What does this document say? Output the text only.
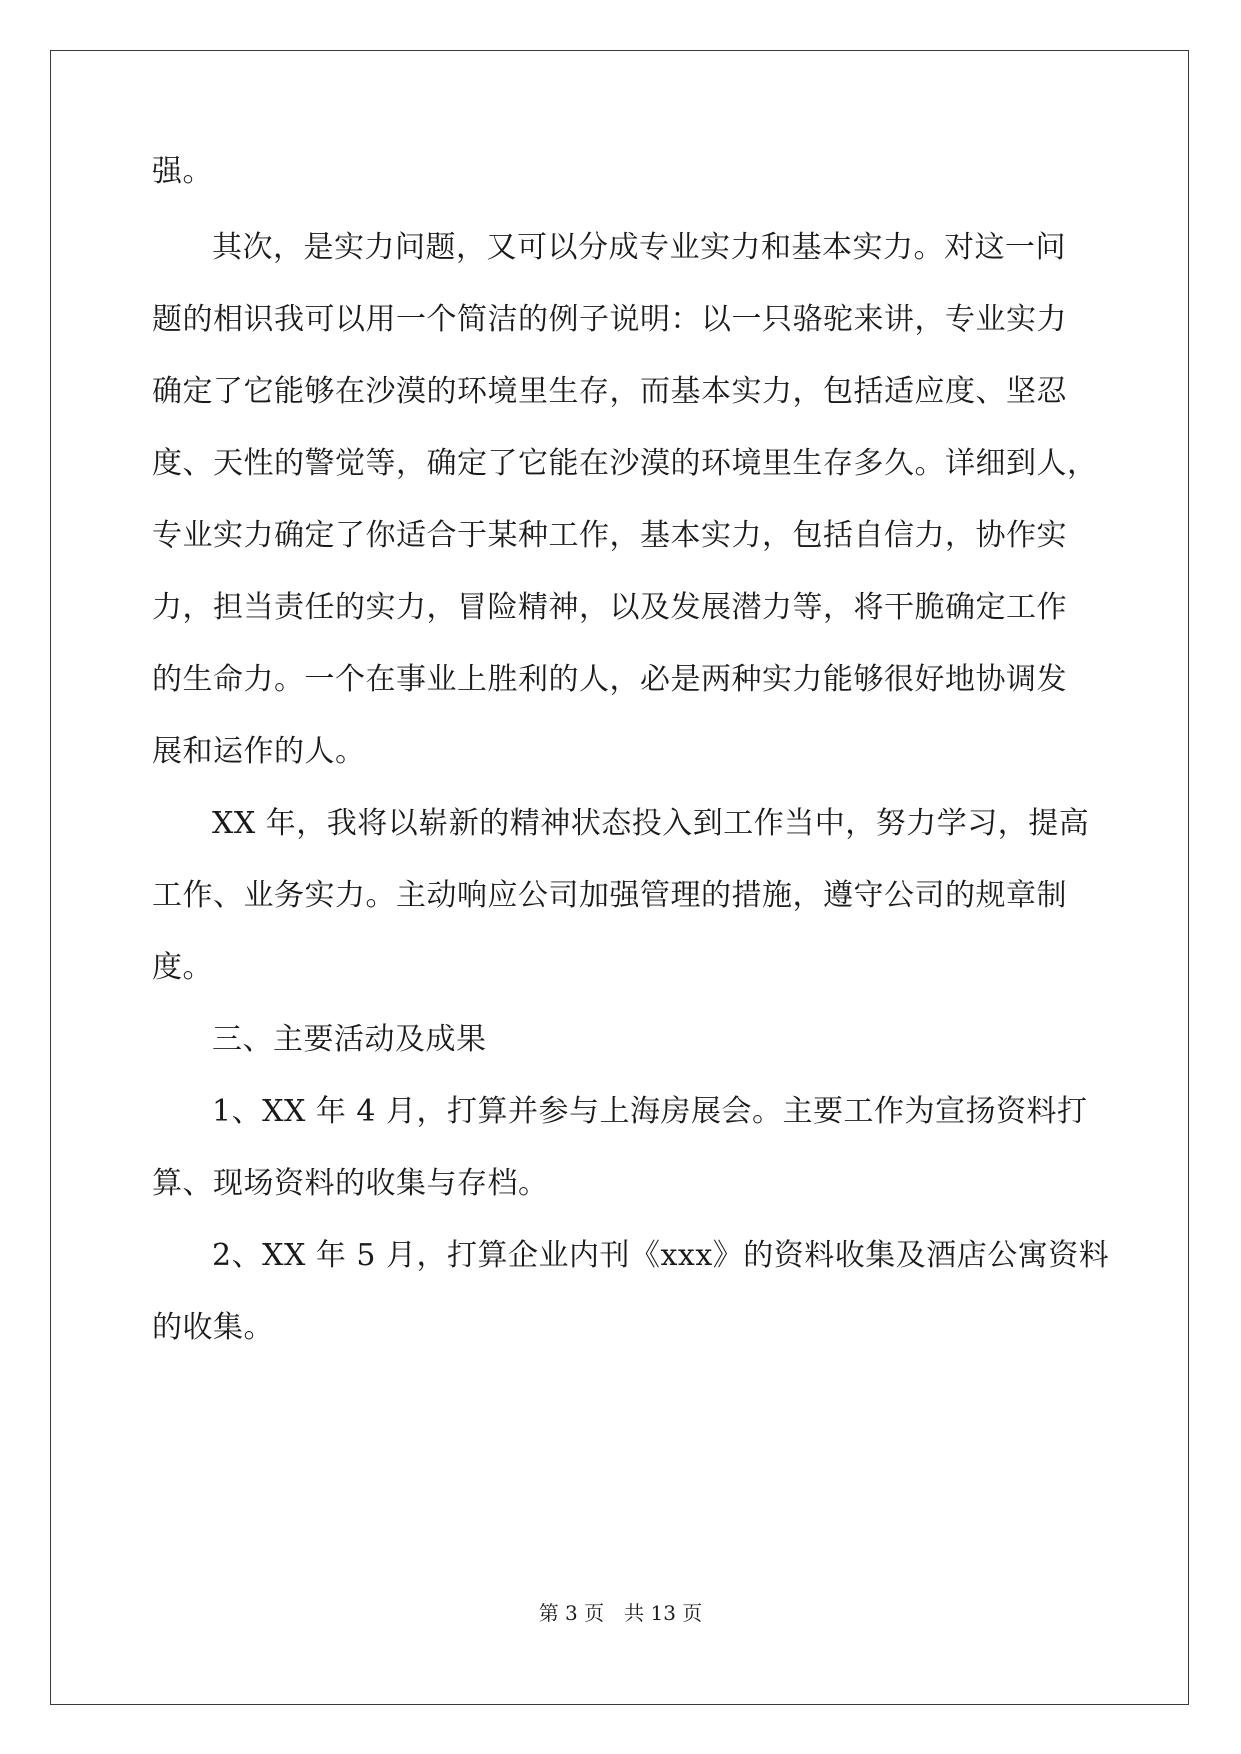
强。
其次，是实力问题，又可以分成专业实力和基本实力。对这一问
题的相识我可以用一个简洁的例子说明：以一只骆驼来讲，专业实力
确定了它能够在沙漠的环境里生存，而基本实力，包括适应度、坚忍
度、天性的警觉等，确定了它能在沙漠的环境里生存多久。详细到人，
专业实力确定了你适合于某种工作，基本实力，包括自信力，协作实
力，担当责任的实力，冒险精神，以及发展潜力等，将干脆确定工作
的生命力。一个在事业上胜利的人，必是两种实力能够很好地协调发
展和运作的人。
XX 年，我将以崭新的精神状态投入到工作当中，努力学习，提高
工作、业务实力。主动响应公司加强管理的措施，遵守公司的规章制
度。
三、主要活动及成果
1、XX 年 4 月，打算并参与上海房展会。主要工作为宣扬资料打
算、现场资料的收集与存档。
2、XX 年 5 月，打算企业内刊《xxx》的资料收集及酒店公寓资料
的收集。
第 3 页　共 13 页
